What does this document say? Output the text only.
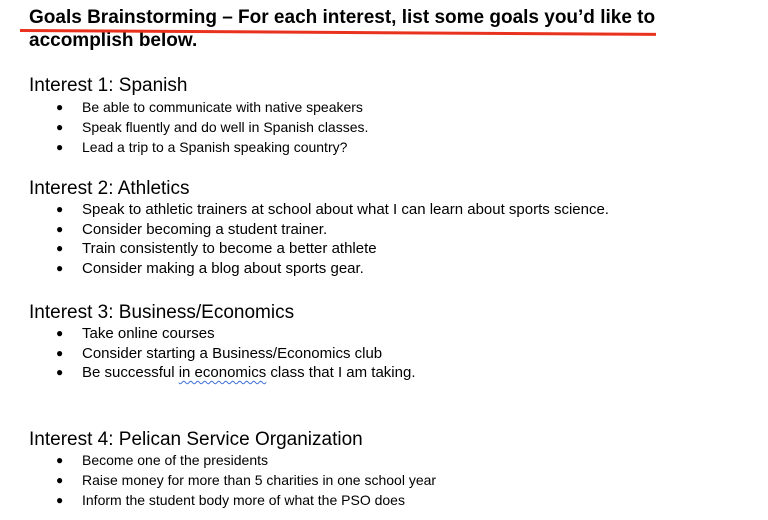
Goals Brainstorming – For each interest, list some goals you’d like to accomplish below.
Interest 1: Spanish
● Be able to communicate with native speakers
● Speak fluently and do well in Spanish classes.
● Lead a trip to a Spanish speaking country?
Interest 2: Athletics
● Speak to athletic trainers at school about what I can learn about sports science.
● Consider becoming a student trainer.
● Train consistently to become a better athlete
● Consider making a blog about sports gear.
Interest 3: Business/Economics
● Take online courses
● Consider starting a Business/Economics club
● Be successful in economics class that I am taking.
Interest 4: Pelican Service Organization
● Become one of the presidents
● Raise money for more than 5 charities in one school year
● Inform the student body more of what the PSO does
